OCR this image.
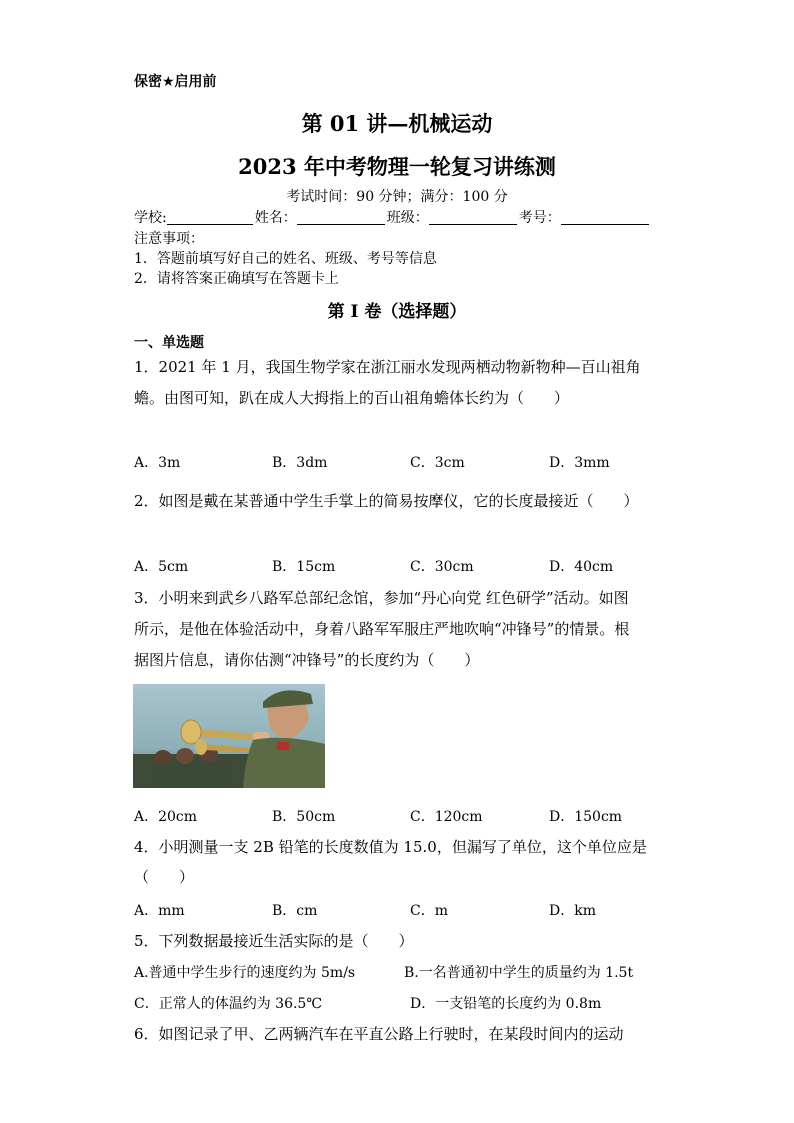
保密★启用前
第 01 讲—机械运动
2023 年中考物理一轮复习讲练测
考试时间：90 分钟；满分：100 分
学校:	姓名：	班级：	考号：
注意事项：
1．答题前填写好自己的姓名、班级、考号等信息
2．请将答案正确填写在答题卡上
第 I 卷（选择题）
一、单选题
1．2021 年 1 月，我国生物学家在浙江丽水发现两栖动物新物种—百山祖角
蟾。由图可知，趴在成人大拇指上的百山祖角蟾体长约为（　　）
A．3m	B．3dm	C．3cm	D．3mm
2．如图是戴在某普通中学生手掌上的简易按摩仪，它的长度最接近（　　）
A．5cm	B．15cm	C．30cm	D．40cm
3．小明来到武乡八路军总部纪念馆，参加“丹心向党 红色研学”活动。如图
所示，是他在体验活动中，身着八路军军服庄严地吹响“冲锋号”的情景。根
据图片信息，请你估测“冲锋号”的长度约为（　　）
A．20cm	B．50cm	C．120cm	D．150cm
4．小明测量一支 2B 铅笔的长度数值为 15.0，但漏写了单位，这个单位应是
（　　）
A．mm	B．cm	C．m	D．km
5．下列数据最接近生活实际的是（　　）
A.普通中学生步行的速度约为 5m/s	B.一名普通初中学生的质量约为 1.5t
C．正常人的体温约为 36.5℃	D．一支铅笔的长度约为 0.8m
6．如图记录了甲、乙两辆汽车在平直公路上行驶时，在某段时间内的运动
